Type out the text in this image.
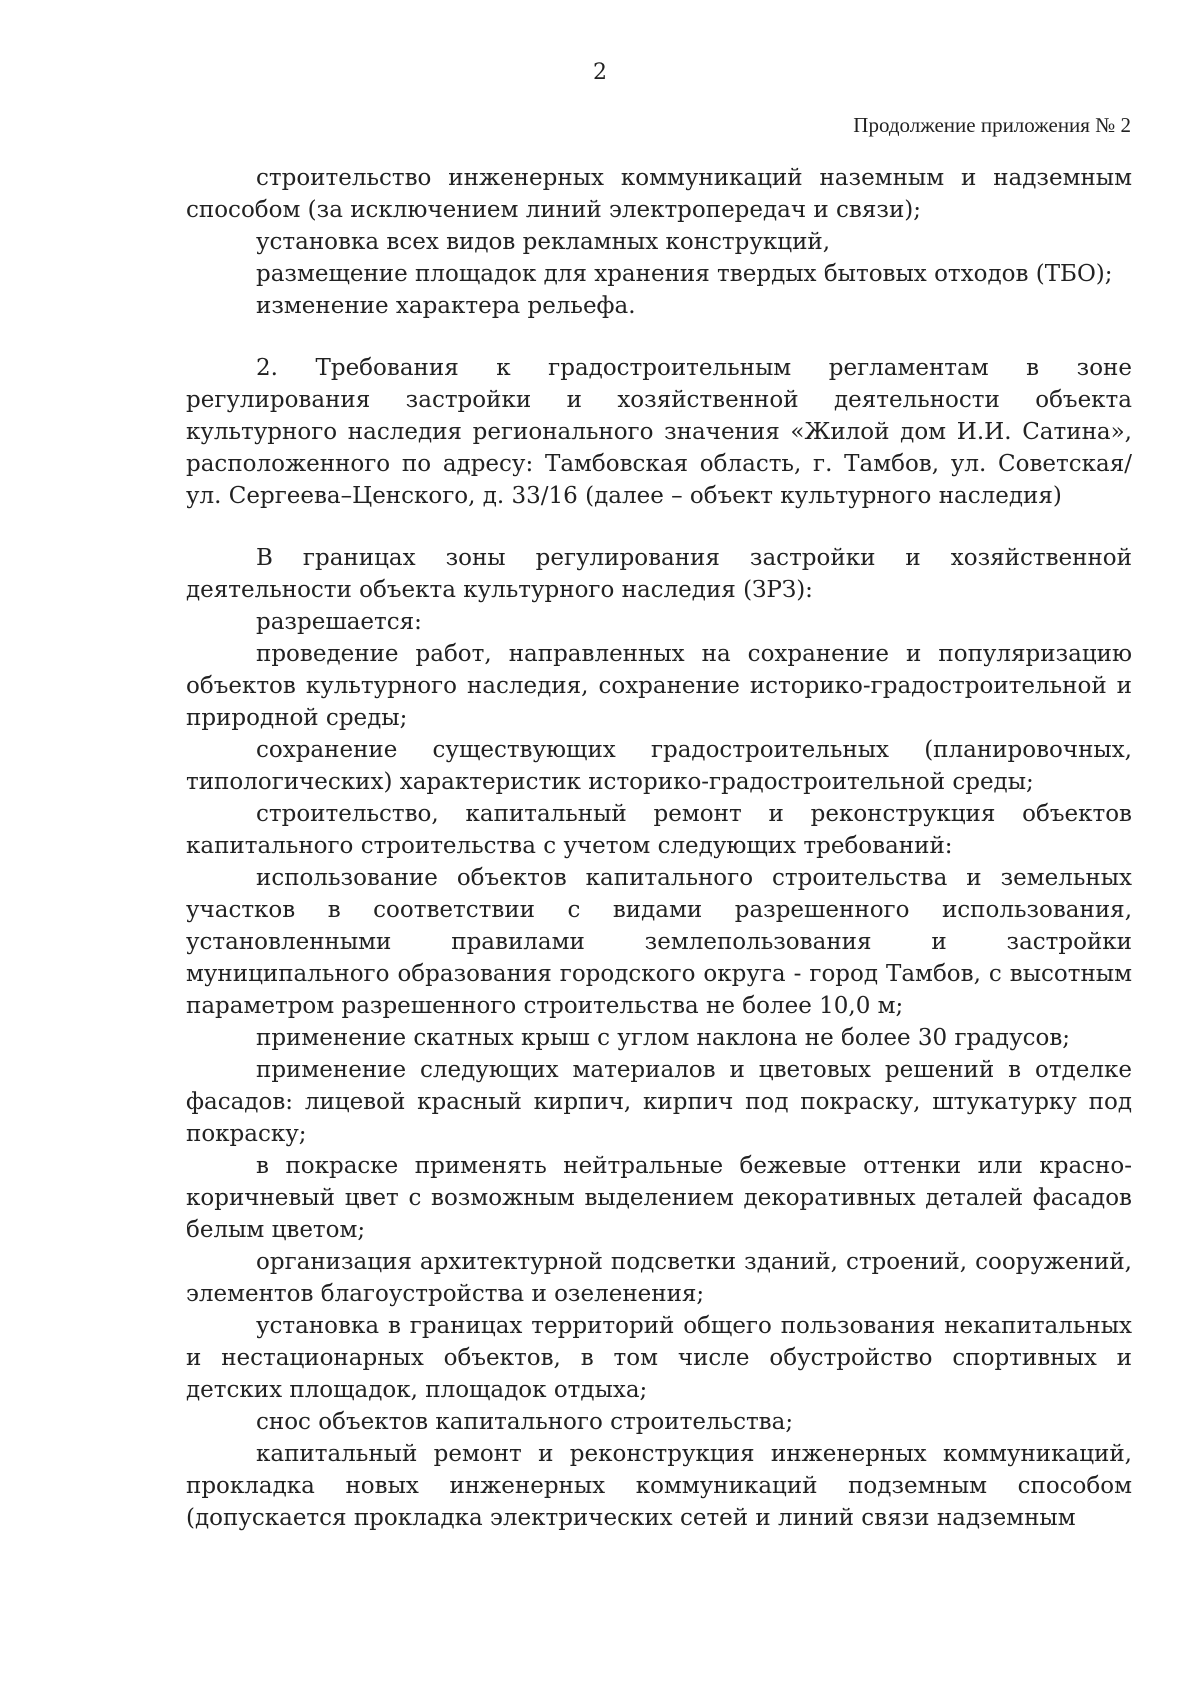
2
Продолжение приложения № 2

строительство инженерных коммуникаций наземным и надземным способом (за исключением линий электропередач и связи);

установка всех видов рекламных конструкций,

размещение площадок для хранения твердых бытовых отходов (ТБО);

изменение характера рельефа.

2. Требования к градостроительным регламентам в зоне регулирования застройки и хозяйственной деятельности объекта культурного наследия регионального значения «Жилой дом И.И. Сатина», расположенного по адресу: Тамбовская область, г. Тамбов, ул. Советская/ ул. Сергеева–Ценского, д. 33/16 (далее – объект культурного наследия)

В границах зоны регулирования застройки и хозяйственной деятельности объекта культурного наследия (ЗРЗ):

разрешается:

проведение работ, направленных на сохранение и популяризацию объектов культурного наследия, сохранение историко-градостроительной и природной среды;

сохранение существующих градостроительных (планировочных, типологических) характеристик историко-градостроительной среды;

строительство, капитальный ремонт и реконструкция объектов капитального строительства с учетом следующих требований:

использование объектов капитального строительства и земельных участков в соответствии с видами разрешенного использования, установленными правилами землепользования и застройки муниципального образования городского округа - город Тамбов, с высотным параметром разрешенного строительства не более 10,0 м;

применение скатных крыш с углом наклона не более 30 градусов;

применение следующих материалов и цветовых решений в отделке фасадов: лицевой красный кирпич, кирпич под покраску, штукатурку под покраску;

в покраске применять нейтральные бежевые оттенки или красно-коричневый цвет с возможным выделением декоративных деталей фасадов белым цветом;

организация архитектурной подсветки зданий, строений, сооружений, элементов благоустройства и озеленения;

установка в границах территорий общего пользования некапитальных и нестационарных объектов, в том числе обустройство спортивных и детских площадок, площадок отдыха;

снос объектов капитального строительства;

капитальный ремонт и реконструкция инженерных коммуникаций, прокладка новых инженерных коммуникаций подземным способом (допускается прокладка электрических сетей и линий связи надземным
